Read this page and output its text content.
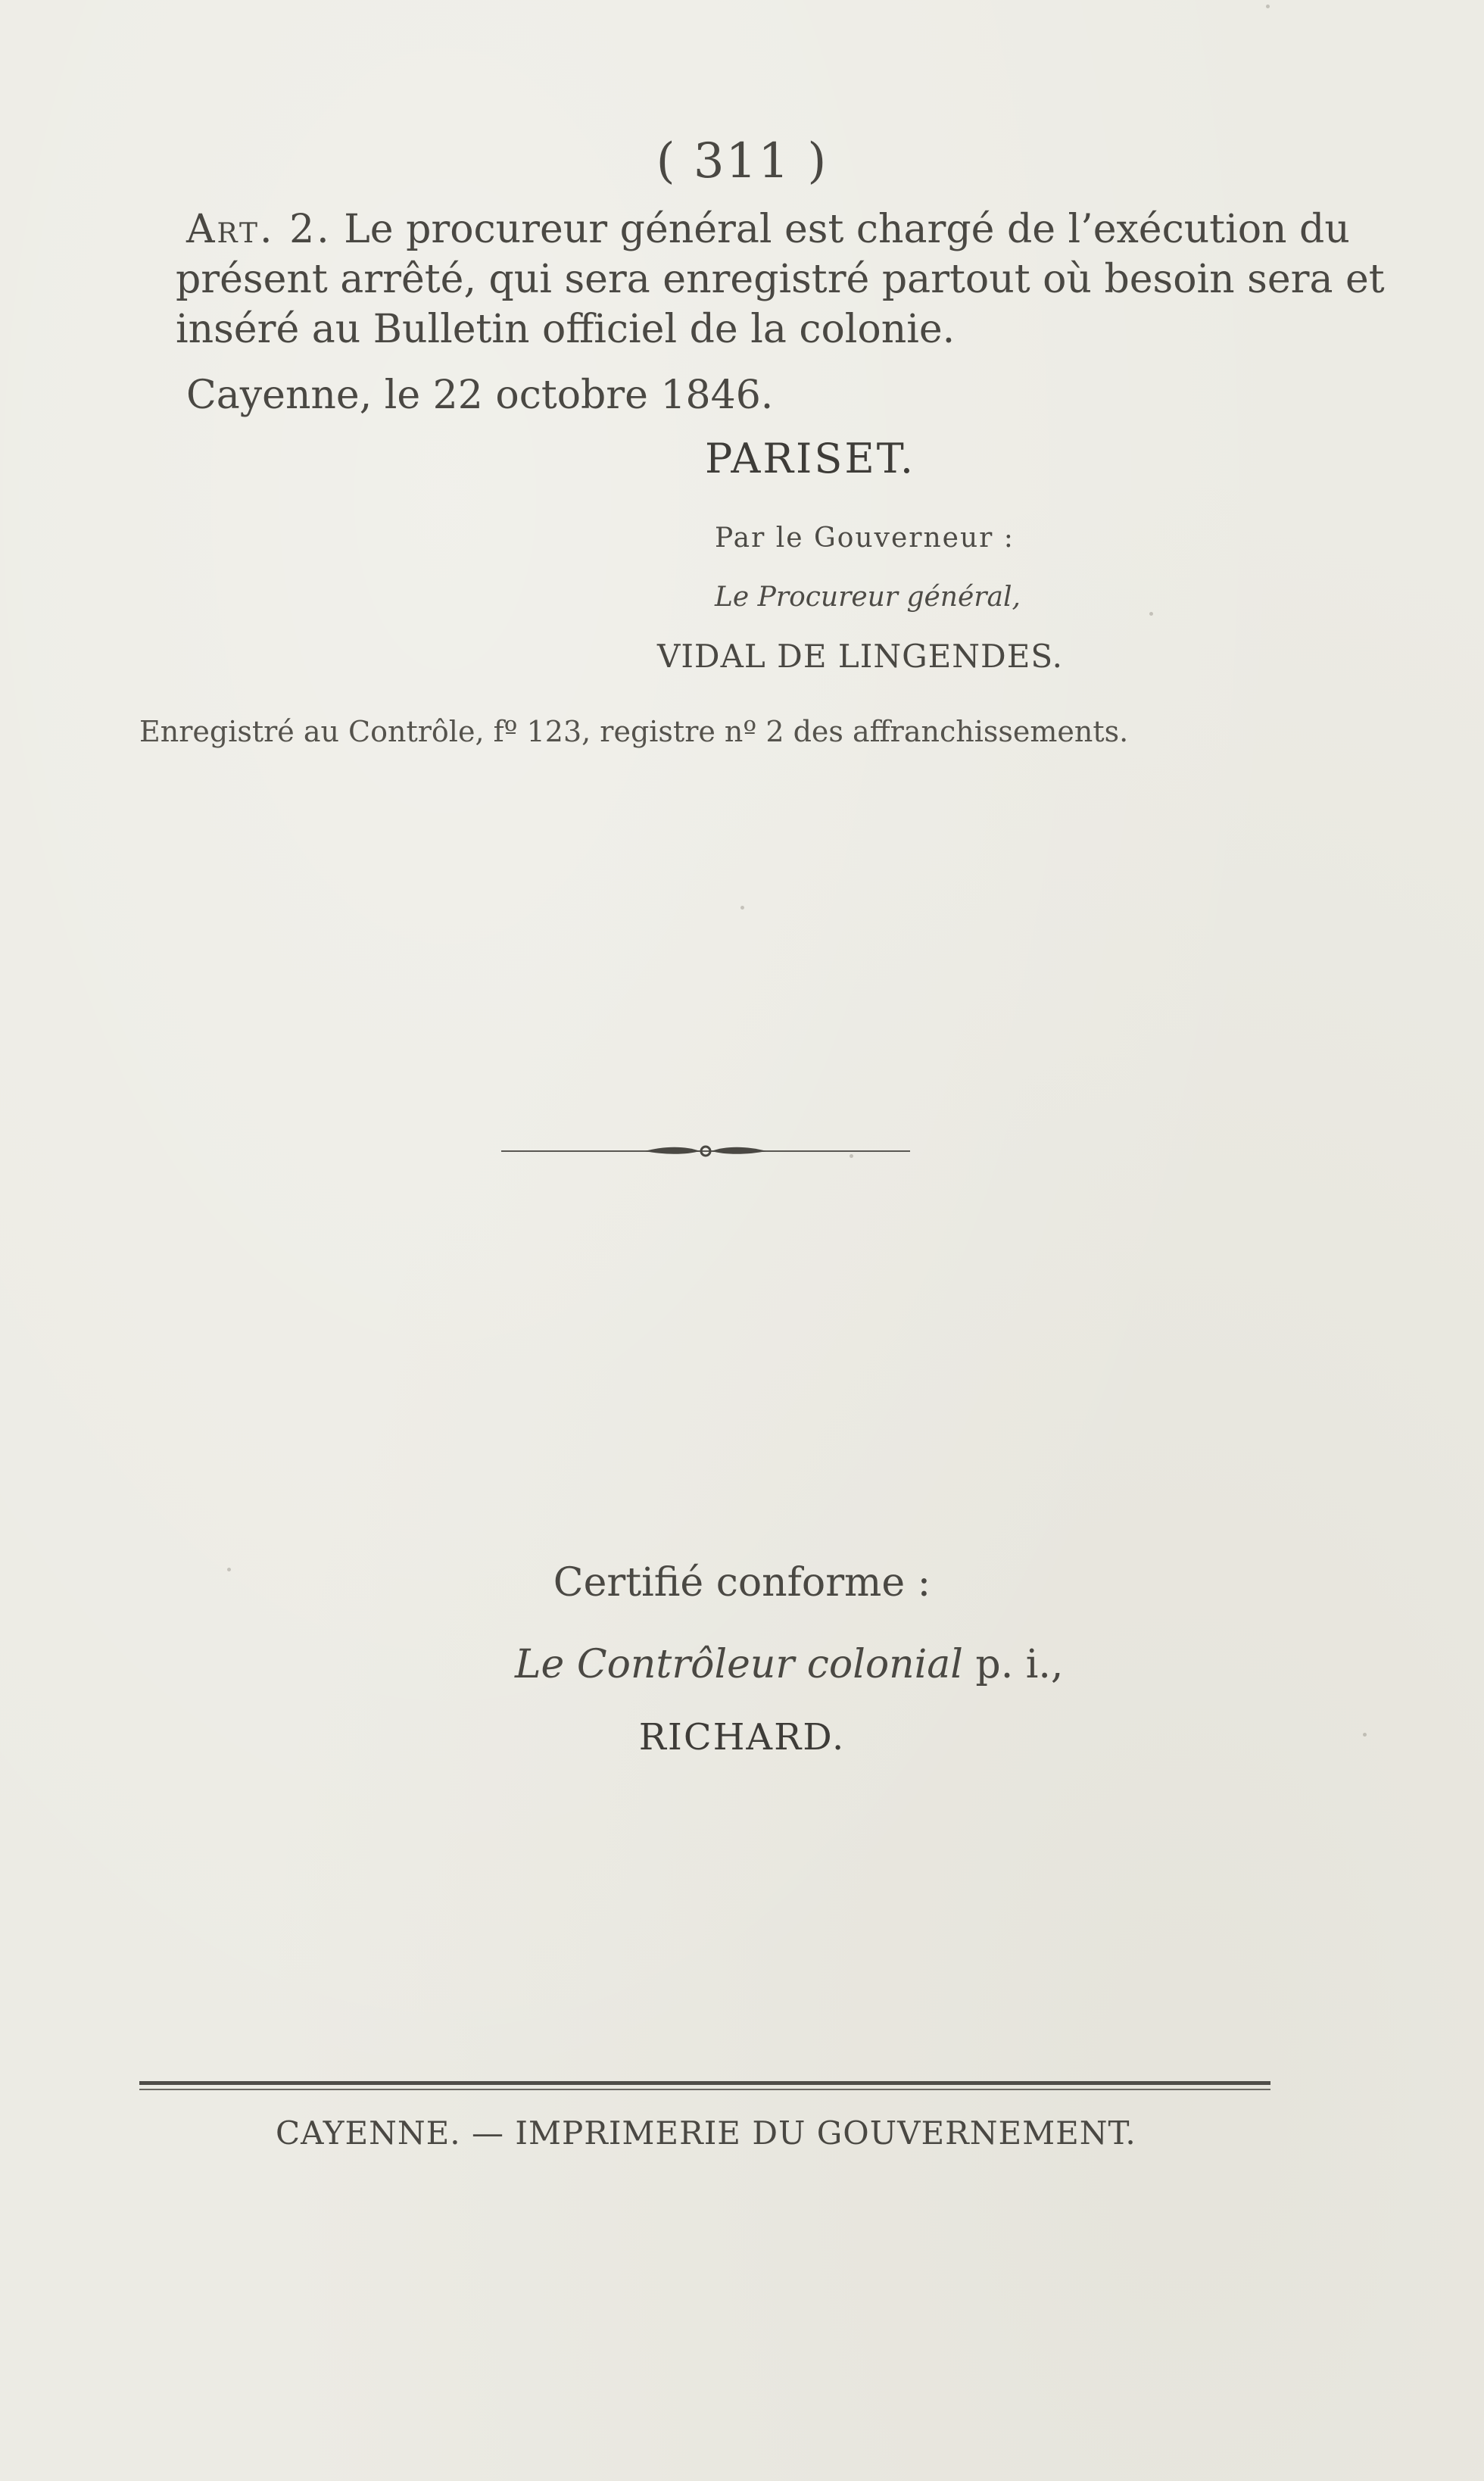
( 311 )

Art. 2. Le procureur général est chargé de l’exécution du

présent arrêté, qui sera enregistré partout où besoin sera et

inséré au Bulletin officiel de la colonie.

Cayenne, le 22 octobre 1846.
PARISET.
Par le Gouverneur :
Le Procureur général,
VIDAL DE LINGENDES.
Enregistré au Contrôle, fº 123, registre nº 2 des affranchissements.
Certifié conforme :
Le Contrôleur colonial p. i.,
RICHARD.
CAYENNE. — IMPRIMERIE DU GOUVERNEMENT.
